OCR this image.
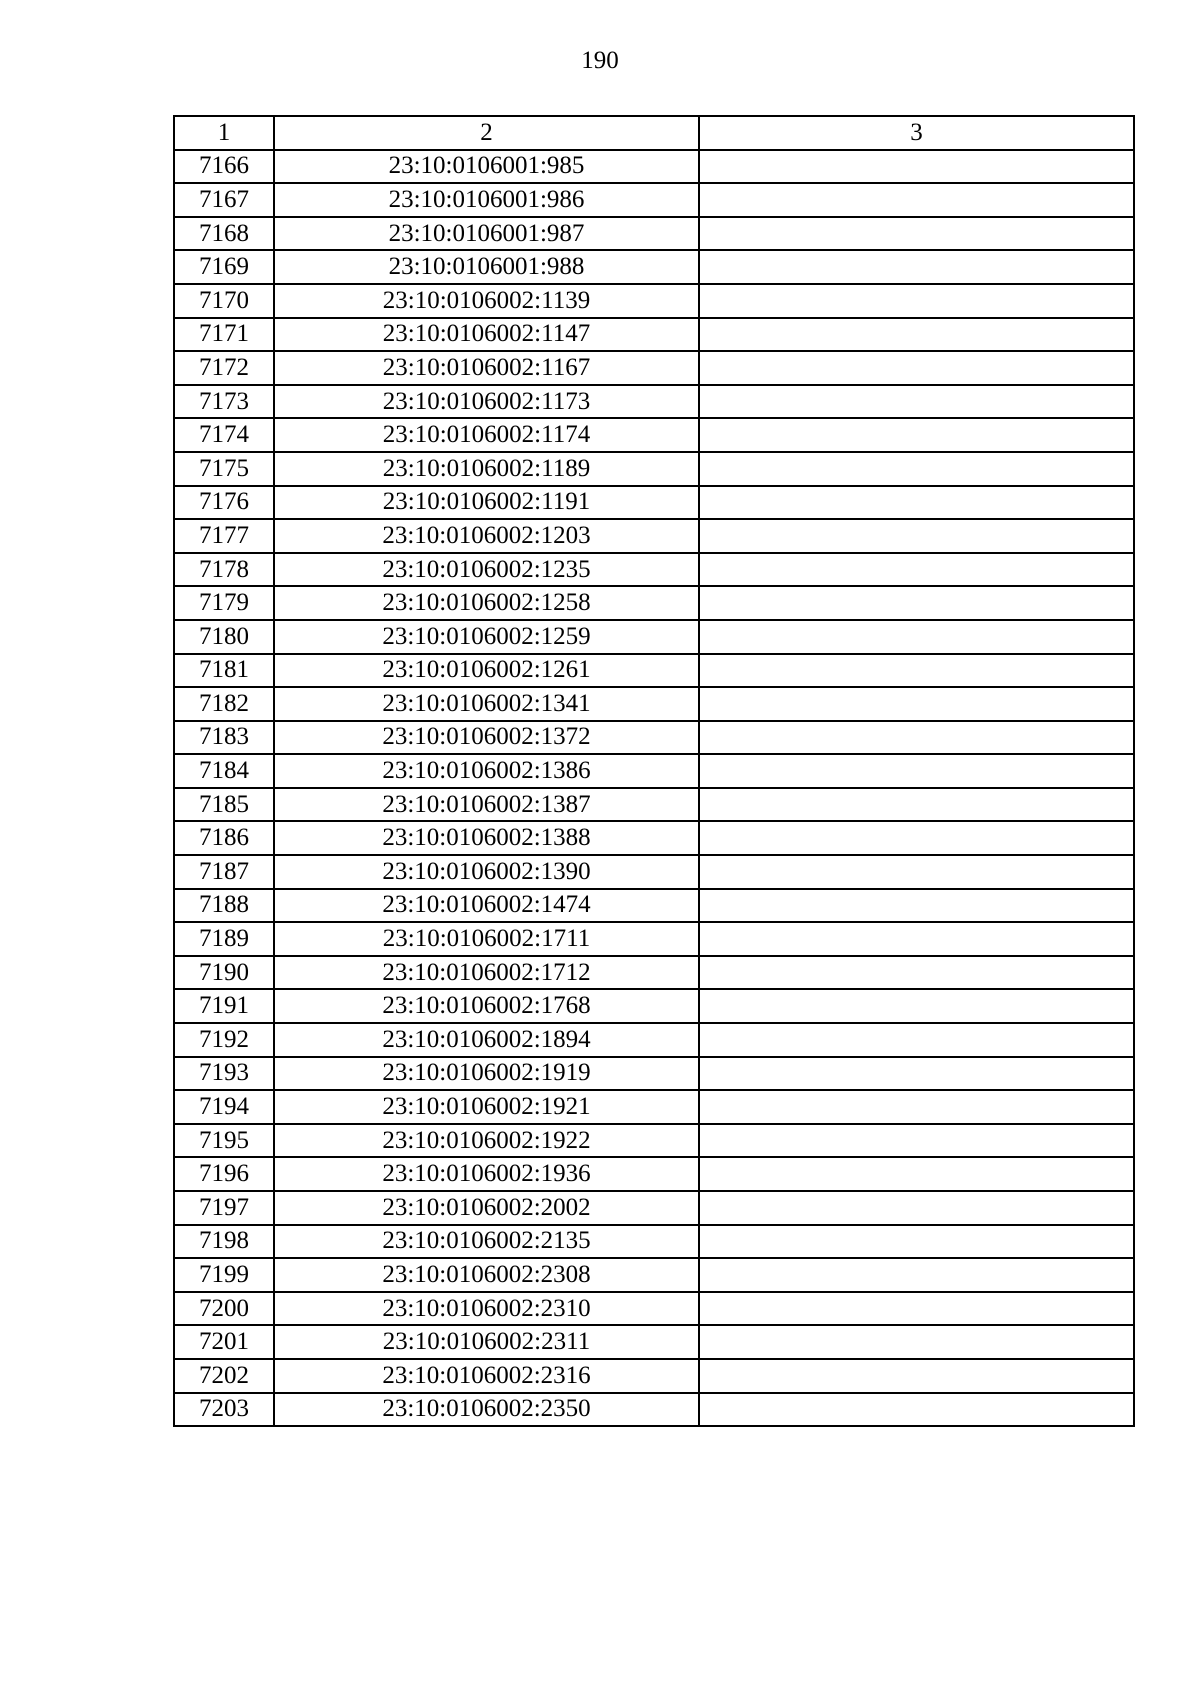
190
1	2	3
7166	23:10:0106001:985	
7167	23:10:0106001:986	
7168	23:10:0106001:987	
7169	23:10:0106001:988	
7170	23:10:0106002:1139	
7171	23:10:0106002:1147	
7172	23:10:0106002:1167	
7173	23:10:0106002:1173	
7174	23:10:0106002:1174	
7175	23:10:0106002:1189	
7176	23:10:0106002:1191	
7177	23:10:0106002:1203	
7178	23:10:0106002:1235	
7179	23:10:0106002:1258	
7180	23:10:0106002:1259	
7181	23:10:0106002:1261	
7182	23:10:0106002:1341	
7183	23:10:0106002:1372	
7184	23:10:0106002:1386	
7185	23:10:0106002:1387	
7186	23:10:0106002:1388	
7187	23:10:0106002:1390	
7188	23:10:0106002:1474	
7189	23:10:0106002:1711	
7190	23:10:0106002:1712	
7191	23:10:0106002:1768	
7192	23:10:0106002:1894	
7193	23:10:0106002:1919	
7194	23:10:0106002:1921	
7195	23:10:0106002:1922	
7196	23:10:0106002:1936	
7197	23:10:0106002:2002	
7198	23:10:0106002:2135	
7199	23:10:0106002:2308	
7200	23:10:0106002:2310	
7201	23:10:0106002:2311	
7202	23:10:0106002:2316	
7203	23:10:0106002:2350	
